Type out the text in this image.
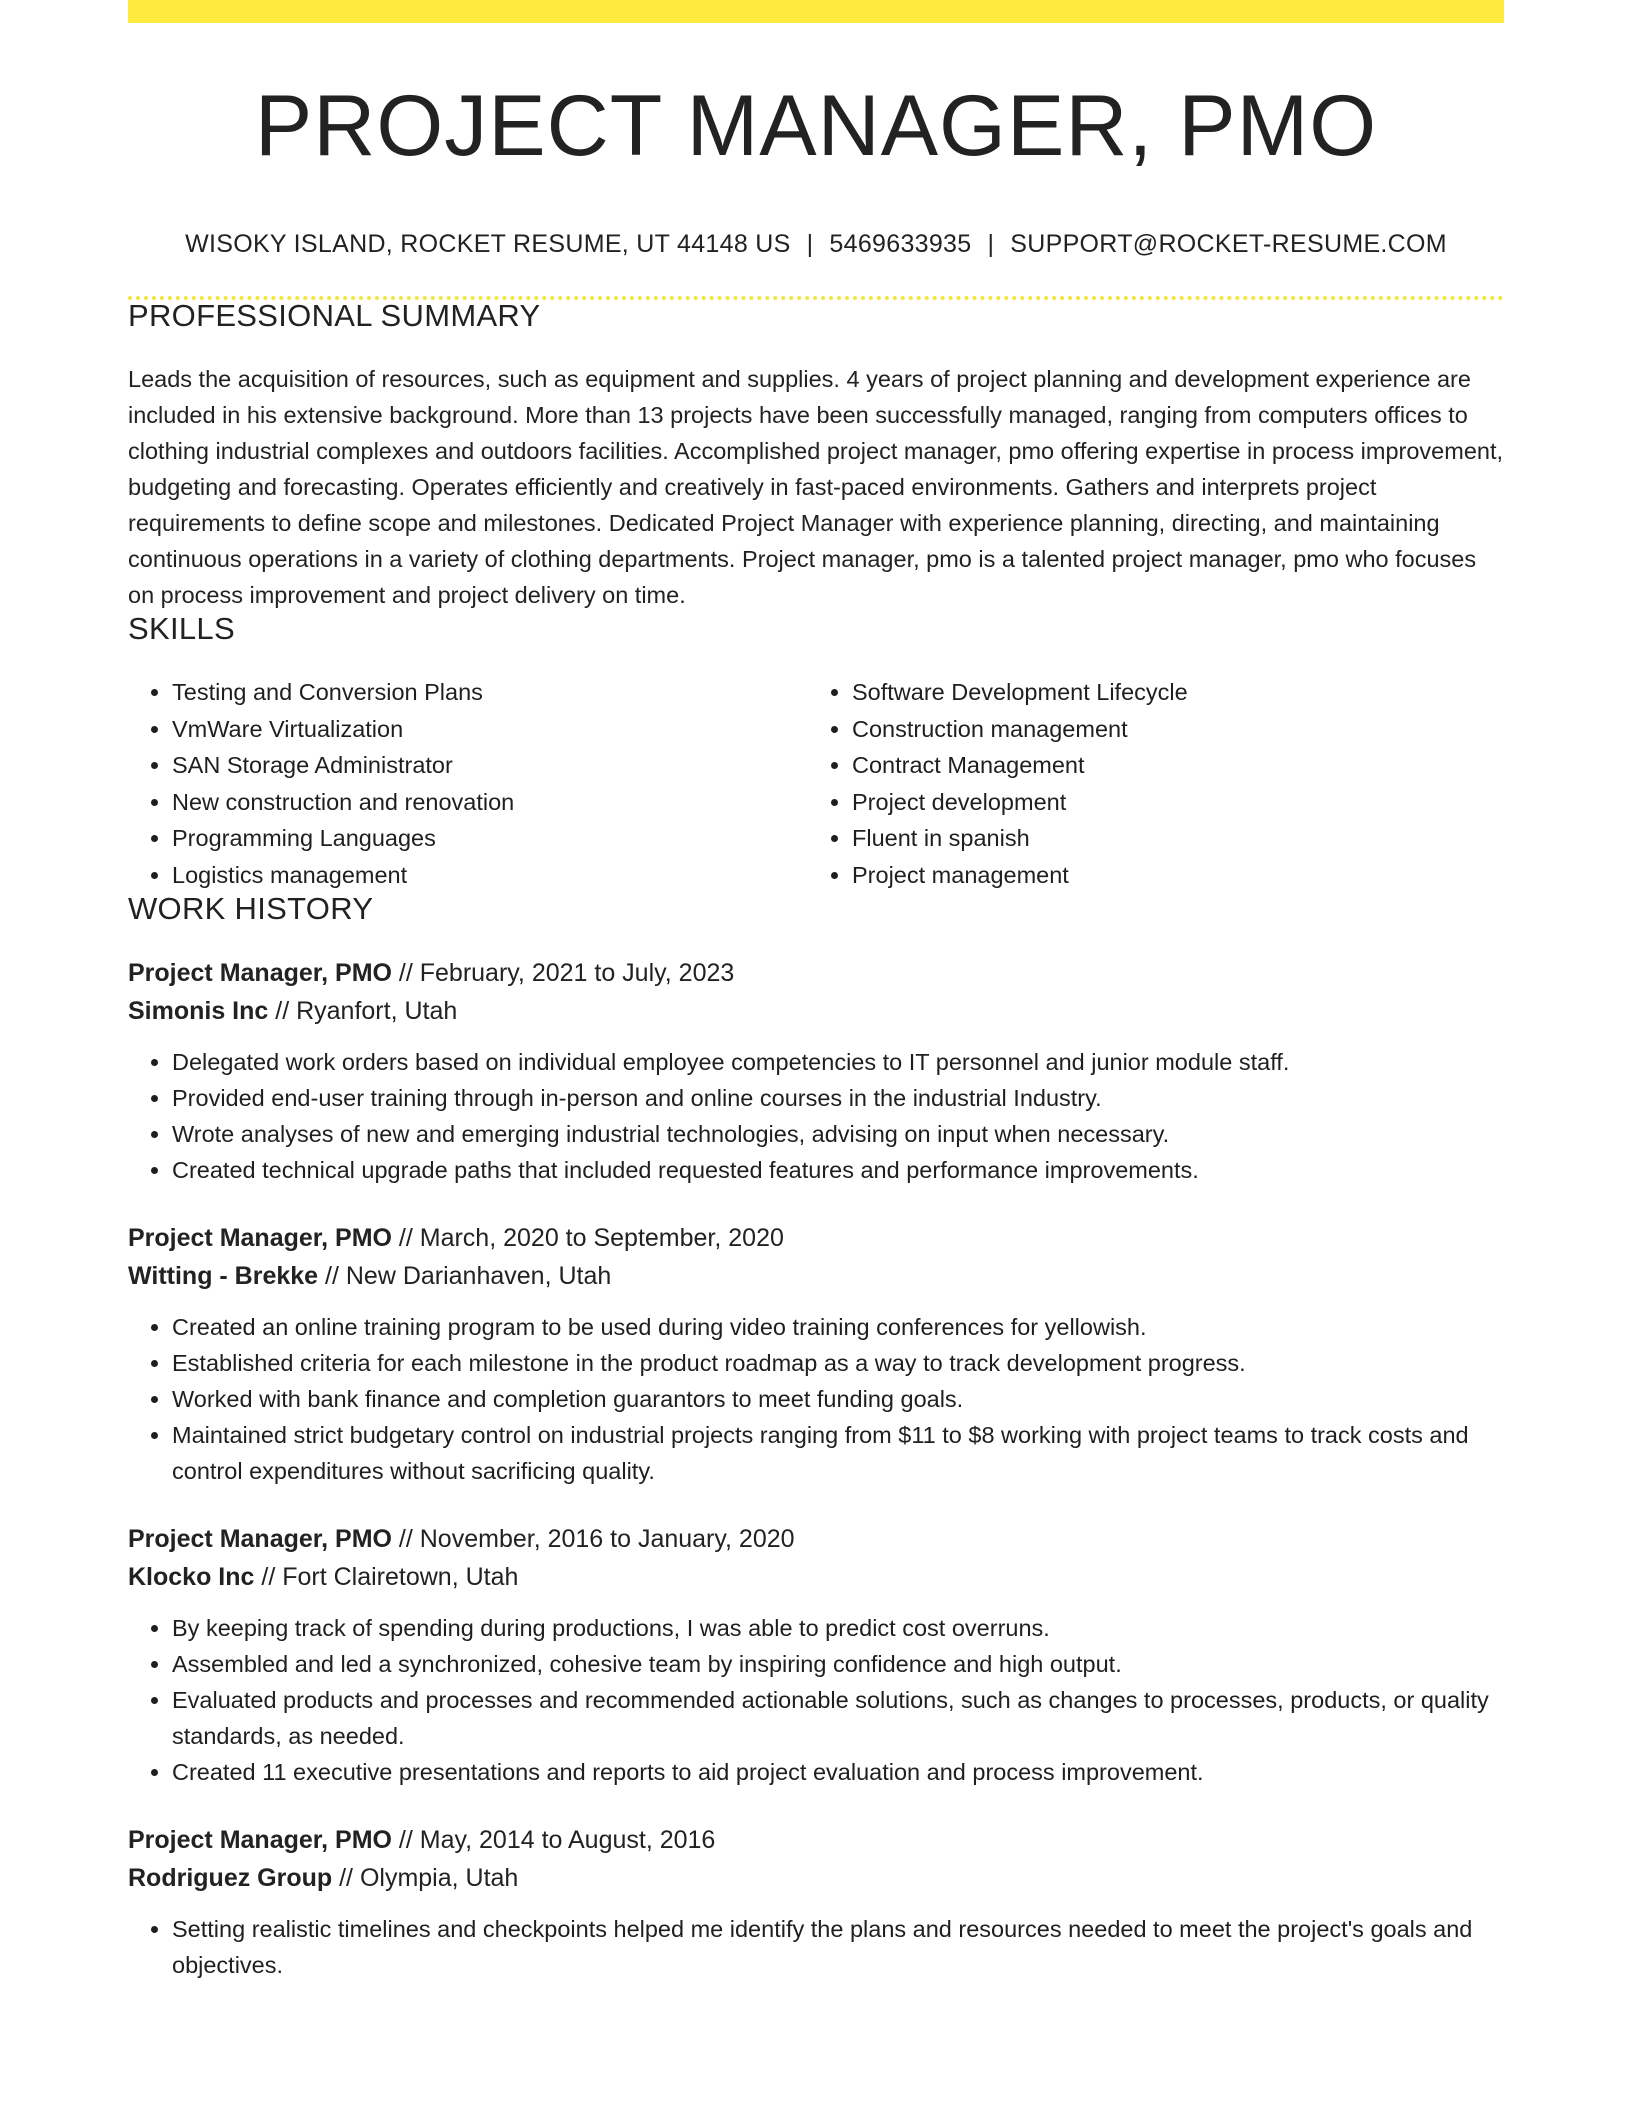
PROJECT MANAGER, PMO
WISOKY ISLAND, ROCKET RESUME, UT 44148 US | 5469633935 | SUPPORT@ROCKET-RESUME.COM
PROFESSIONAL SUMMARY

Leads the acquisition of resources, such as equipment and supplies. 4 years of project planning and development experience are included in his extensive background. More than 13 projects have been successfully managed, ranging from computers offices to clothing industrial complexes and outdoors facilities. Accomplished project manager, pmo offering expertise in process improvement, budgeting and forecasting. Operates efficiently and creatively in fast-paced environments. Gathers and interprets project requirements to define scope and milestones. Dedicated Project Manager with experience planning, directing, and maintaining continuous operations in a variety of clothing departments. Project manager, pmo is a talented project manager, pmo who focuses on process improvement and project delivery on time.

SKILLS
• Testing and Conversion Plans
• VmWare Virtualization
• SAN Storage Administrator
• New construction and renovation
• Programming Languages
• Logistics management
• Software Development Lifecycle
• Construction management
• Contract Management
• Project development
• Fluent in spanish
• Project management
WORK HISTORY
Project Manager, PMO // February, 2021 to July, 2023
Simonis Inc // Ryanfort, Utah
• Delegated work orders based on individual employee competencies to IT personnel and junior module staff.
• Provided end-user training through in-person and online courses in the industrial Industry.
• Wrote analyses of new and emerging industrial technologies, advising on input when necessary.
• Created technical upgrade paths that included requested features and performance improvements.
Project Manager, PMO // March, 2020 to September, 2020
Witting - Brekke // New Darianhaven, Utah
• Created an online training program to be used during video training conferences for yellowish.
• Established criteria for each milestone in the product roadmap as a way to track development progress.
• Worked with bank finance and completion guarantors to meet funding goals.
• Maintained strict budgetary control on industrial projects ranging from $11 to $8 working with project teams to track costs and control expenditures without sacrificing quality.
Project Manager, PMO // November, 2016 to January, 2020
Klocko Inc // Fort Clairetown, Utah
• By keeping track of spending during productions, I was able to predict cost overruns.
• Assembled and led a synchronized, cohesive team by inspiring confidence and high output.
• Evaluated products and processes and recommended actionable solutions, such as changes to processes, products, or quality standards, as needed.
• Created 11 executive presentations and reports to aid project evaluation and process improvement.
Project Manager, PMO // May, 2014 to August, 2016
Rodriguez Group // Olympia, Utah
• Setting realistic timelines and checkpoints helped me identify the plans and resources needed to meet the project's goals and objectives.
